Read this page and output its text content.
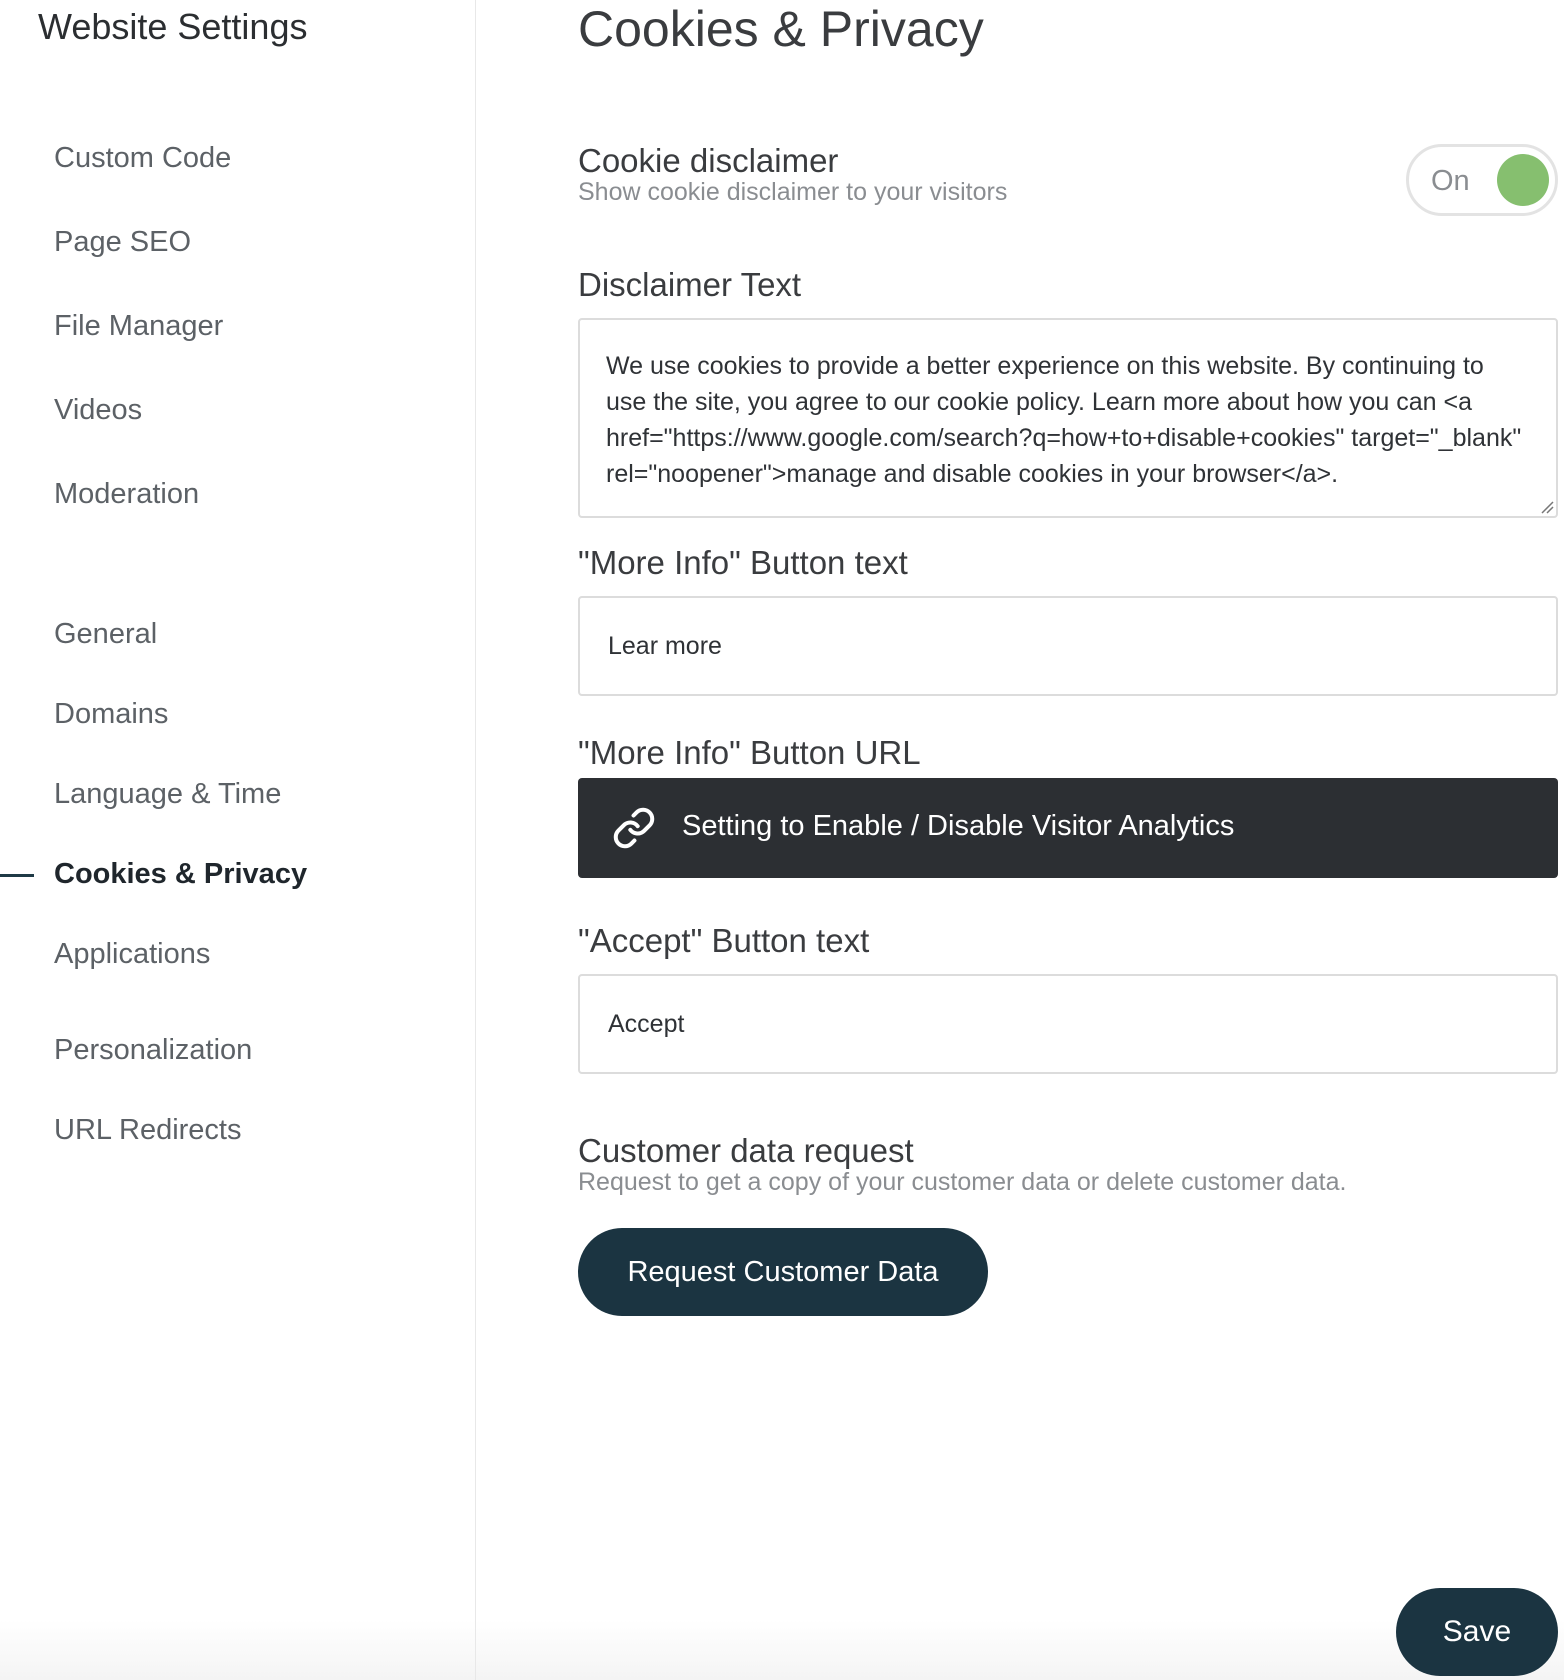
Website Settings
Custom Code
Page SEO
File Manager
Videos
Moderation
General
Domains
Language & Time
Cookies & Privacy
Applications
Personalization
URL Redirects
Cookies & Privacy
Cookie disclaimer
Show cookie disclaimer to your visitors	On
Disclaimer Text
We use cookies to provide a better experience on this website. By continuing to use the site, you agree to our cookie policy. Learn more about how you can <a href="https://www.google.com/search?q=how+to+disable+cookies" target="_blank" rel="noopener">manage and disable cookies in your browser</a>.
"More Info" Button text
Lear more
"More Info" Button URL
Setting to Enable / Disable Visitor Analytics
"Accept" Button text
Accept
Customer data request
Request to get a copy of your customer data or delete customer data.
Request Customer Data
Save
